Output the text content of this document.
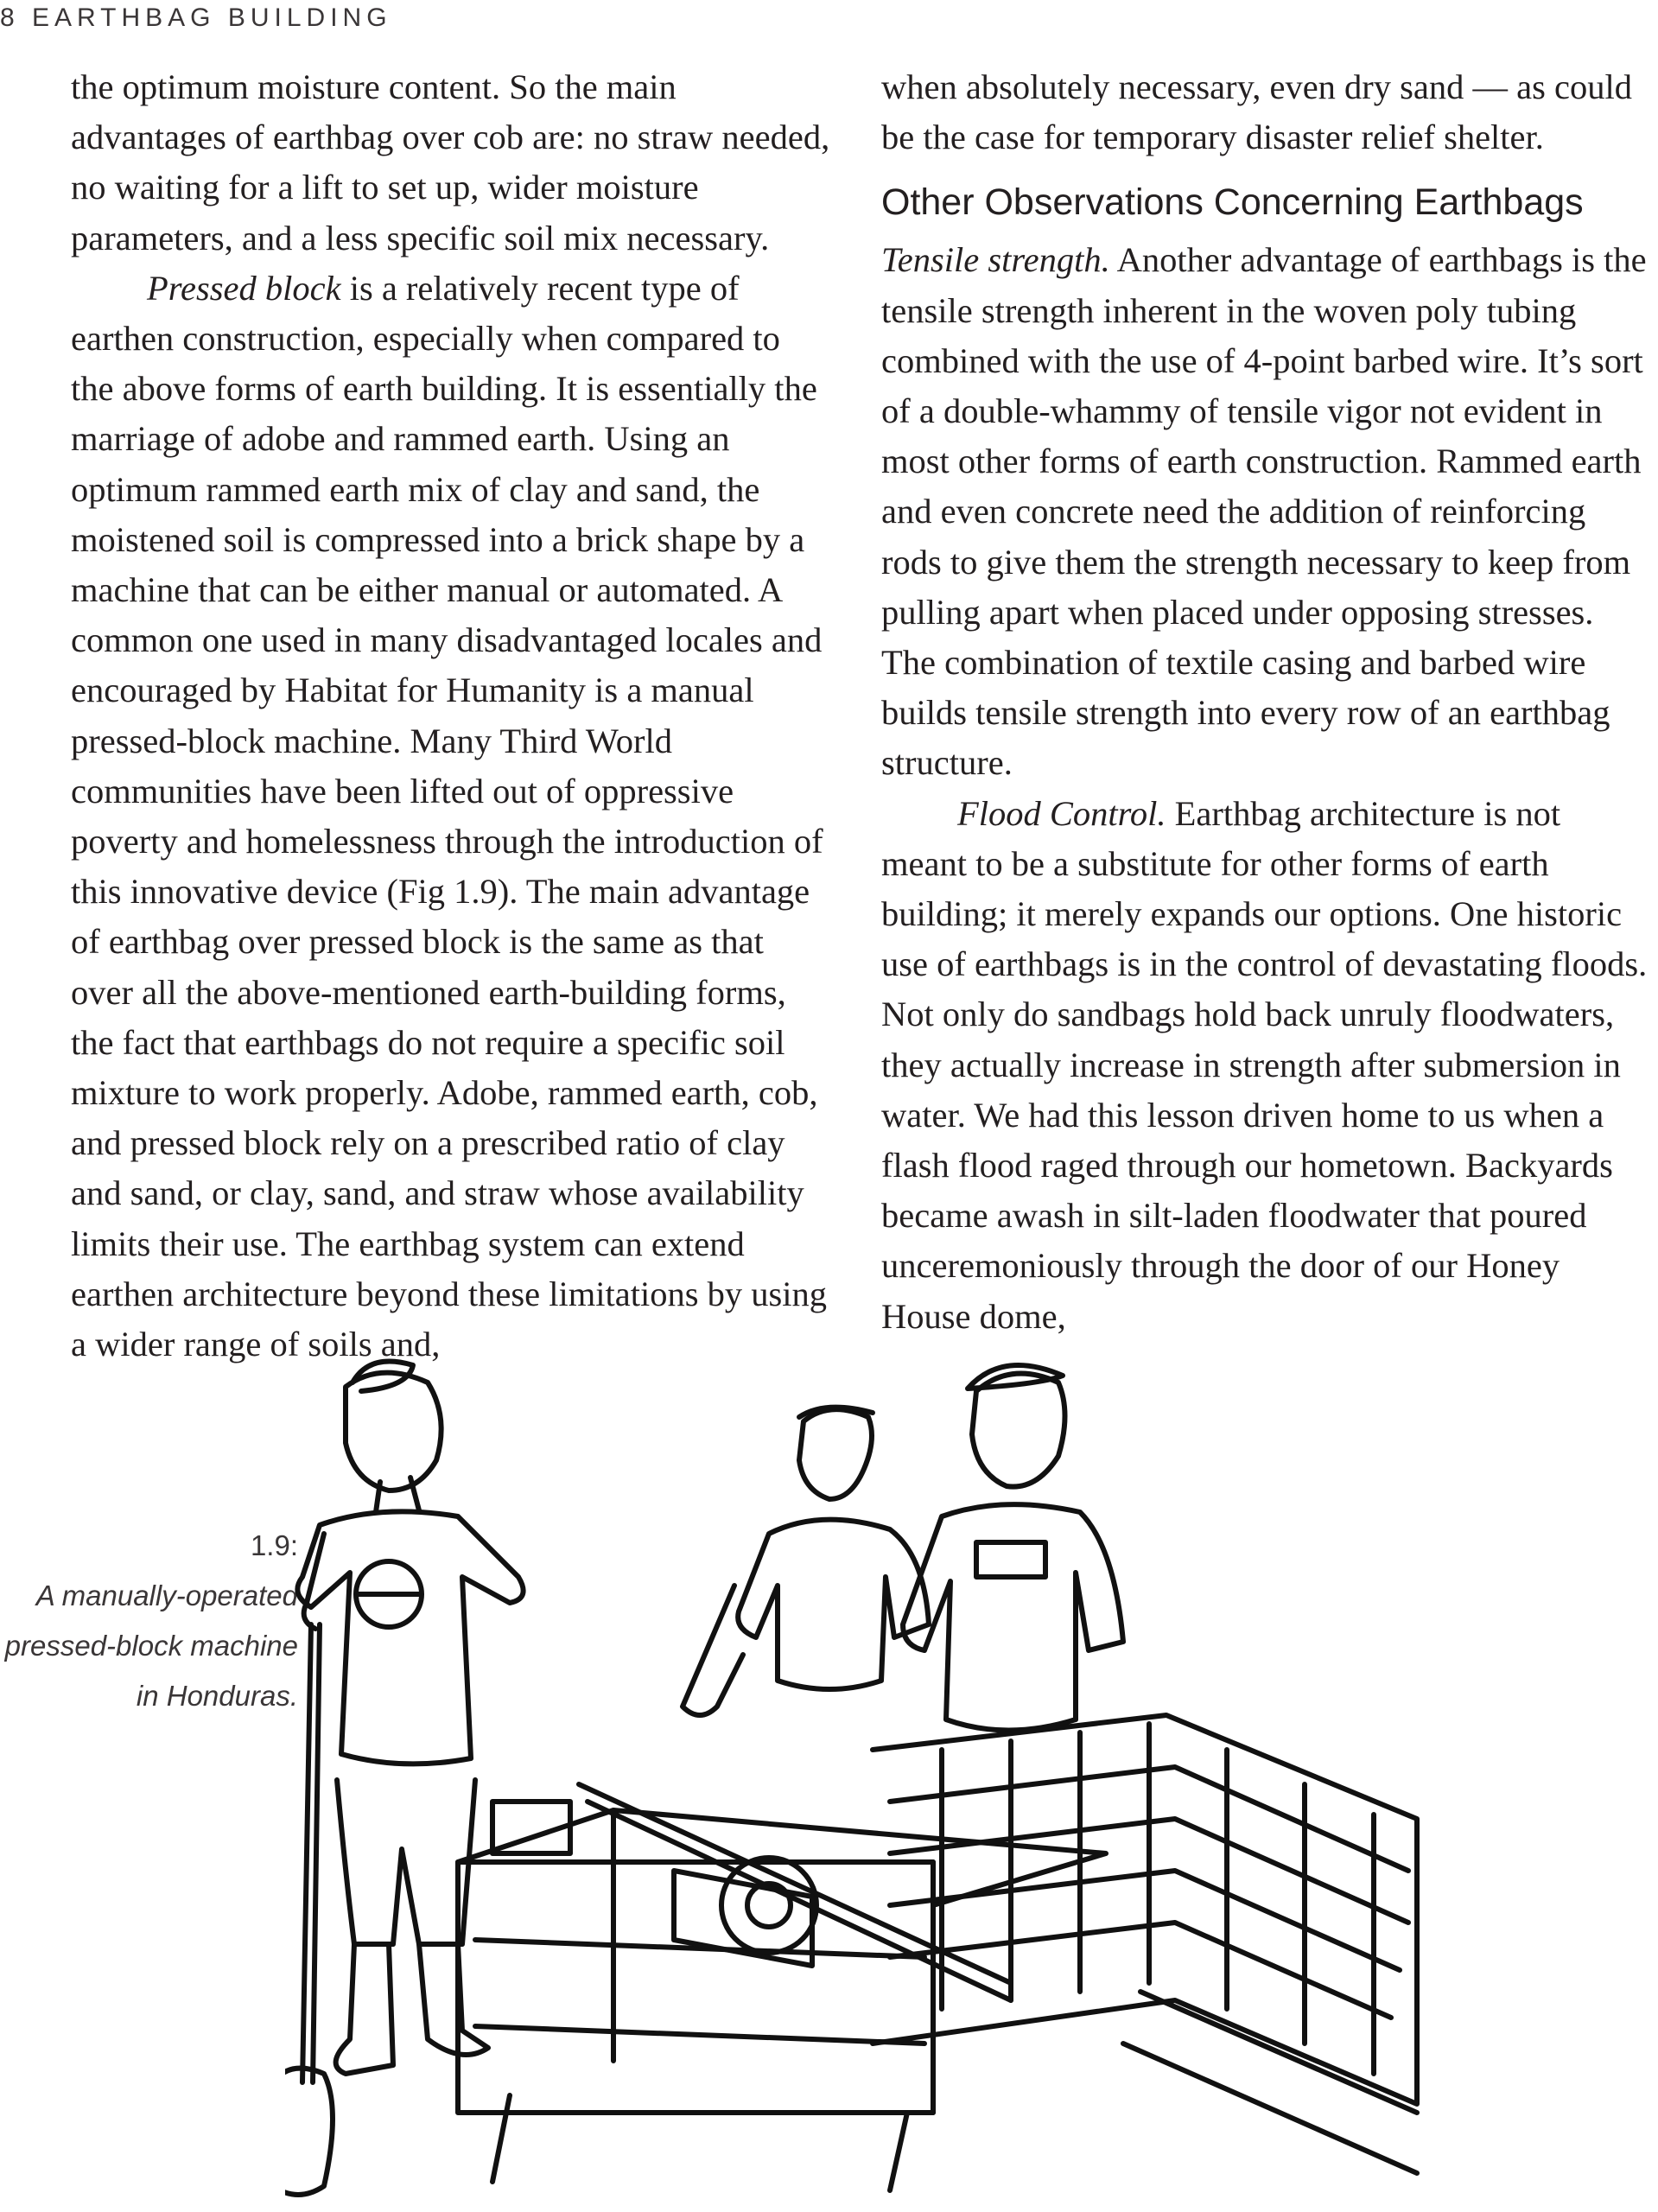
8 EARTHBAG BUILDING

the optimum moisture content. So the main advantages of earthbag over cob are: no straw needed, no waiting for a lift to set up, wider moisture parameters, and a less specific soil mix necessary.

Pressed block is a relatively recent type of earthen construction, especially when compared to the above forms of earth building. It is essentially the marriage of adobe and rammed earth. Using an optimum rammed earth mix of clay and sand, the moistened soil is compressed into a brick shape by a machine that can be either manual or automated. A common one used in many disadvantaged locales and encouraged by Habitat for Humanity is a manual pressed-block machine. Many Third World communities have been lifted out of oppressive poverty and homelessness through the introduction of this innovative device (Fig 1.9). The main advantage of earthbag over pressed block is the same as that over all the above-mentioned earth-building forms, the fact that earthbags do not require a specific soil mixture to work properly. Adobe, rammed earth, cob, and pressed block rely on a prescribed ratio of clay and sand, or clay, sand, and straw whose availability limits their use. The earthbag system can extend earthen architecture beyond these limitations by using a wider range of soils and,

when absolutely necessary, even dry sand — as could be the case for temporary disaster relief shelter.

Other Observations Concerning Earthbags

Tensile strength. Another advantage of earthbags is the tensile strength inherent in the woven poly tubing combined with the use of 4-point barbed wire. It’s sort of a double-whammy of tensile vigor not evident in most other forms of earth construction. Rammed earth and even concrete need the addition of reinforcing rods to give them the strength necessary to keep from pulling apart when placed under opposing stresses. The combination of textile casing and barbed wire builds tensile strength into every row of an earthbag structure.

Flood Control. Earthbag architecture is not meant to be a substitute for other forms of earth building; it merely expands our options. One historic use of earthbags is in the control of devastating floods. Not only do sandbags hold back unruly floodwaters, they actually increase in strength after submersion in water. We had this lesson driven home to us when a flash flood raged through our hometown. Backyards became awash in silt-laden floodwater that poured unceremoniously through the door of our Honey House dome,

1.9:
A manually-operated pressed-block machine in Honduras.
